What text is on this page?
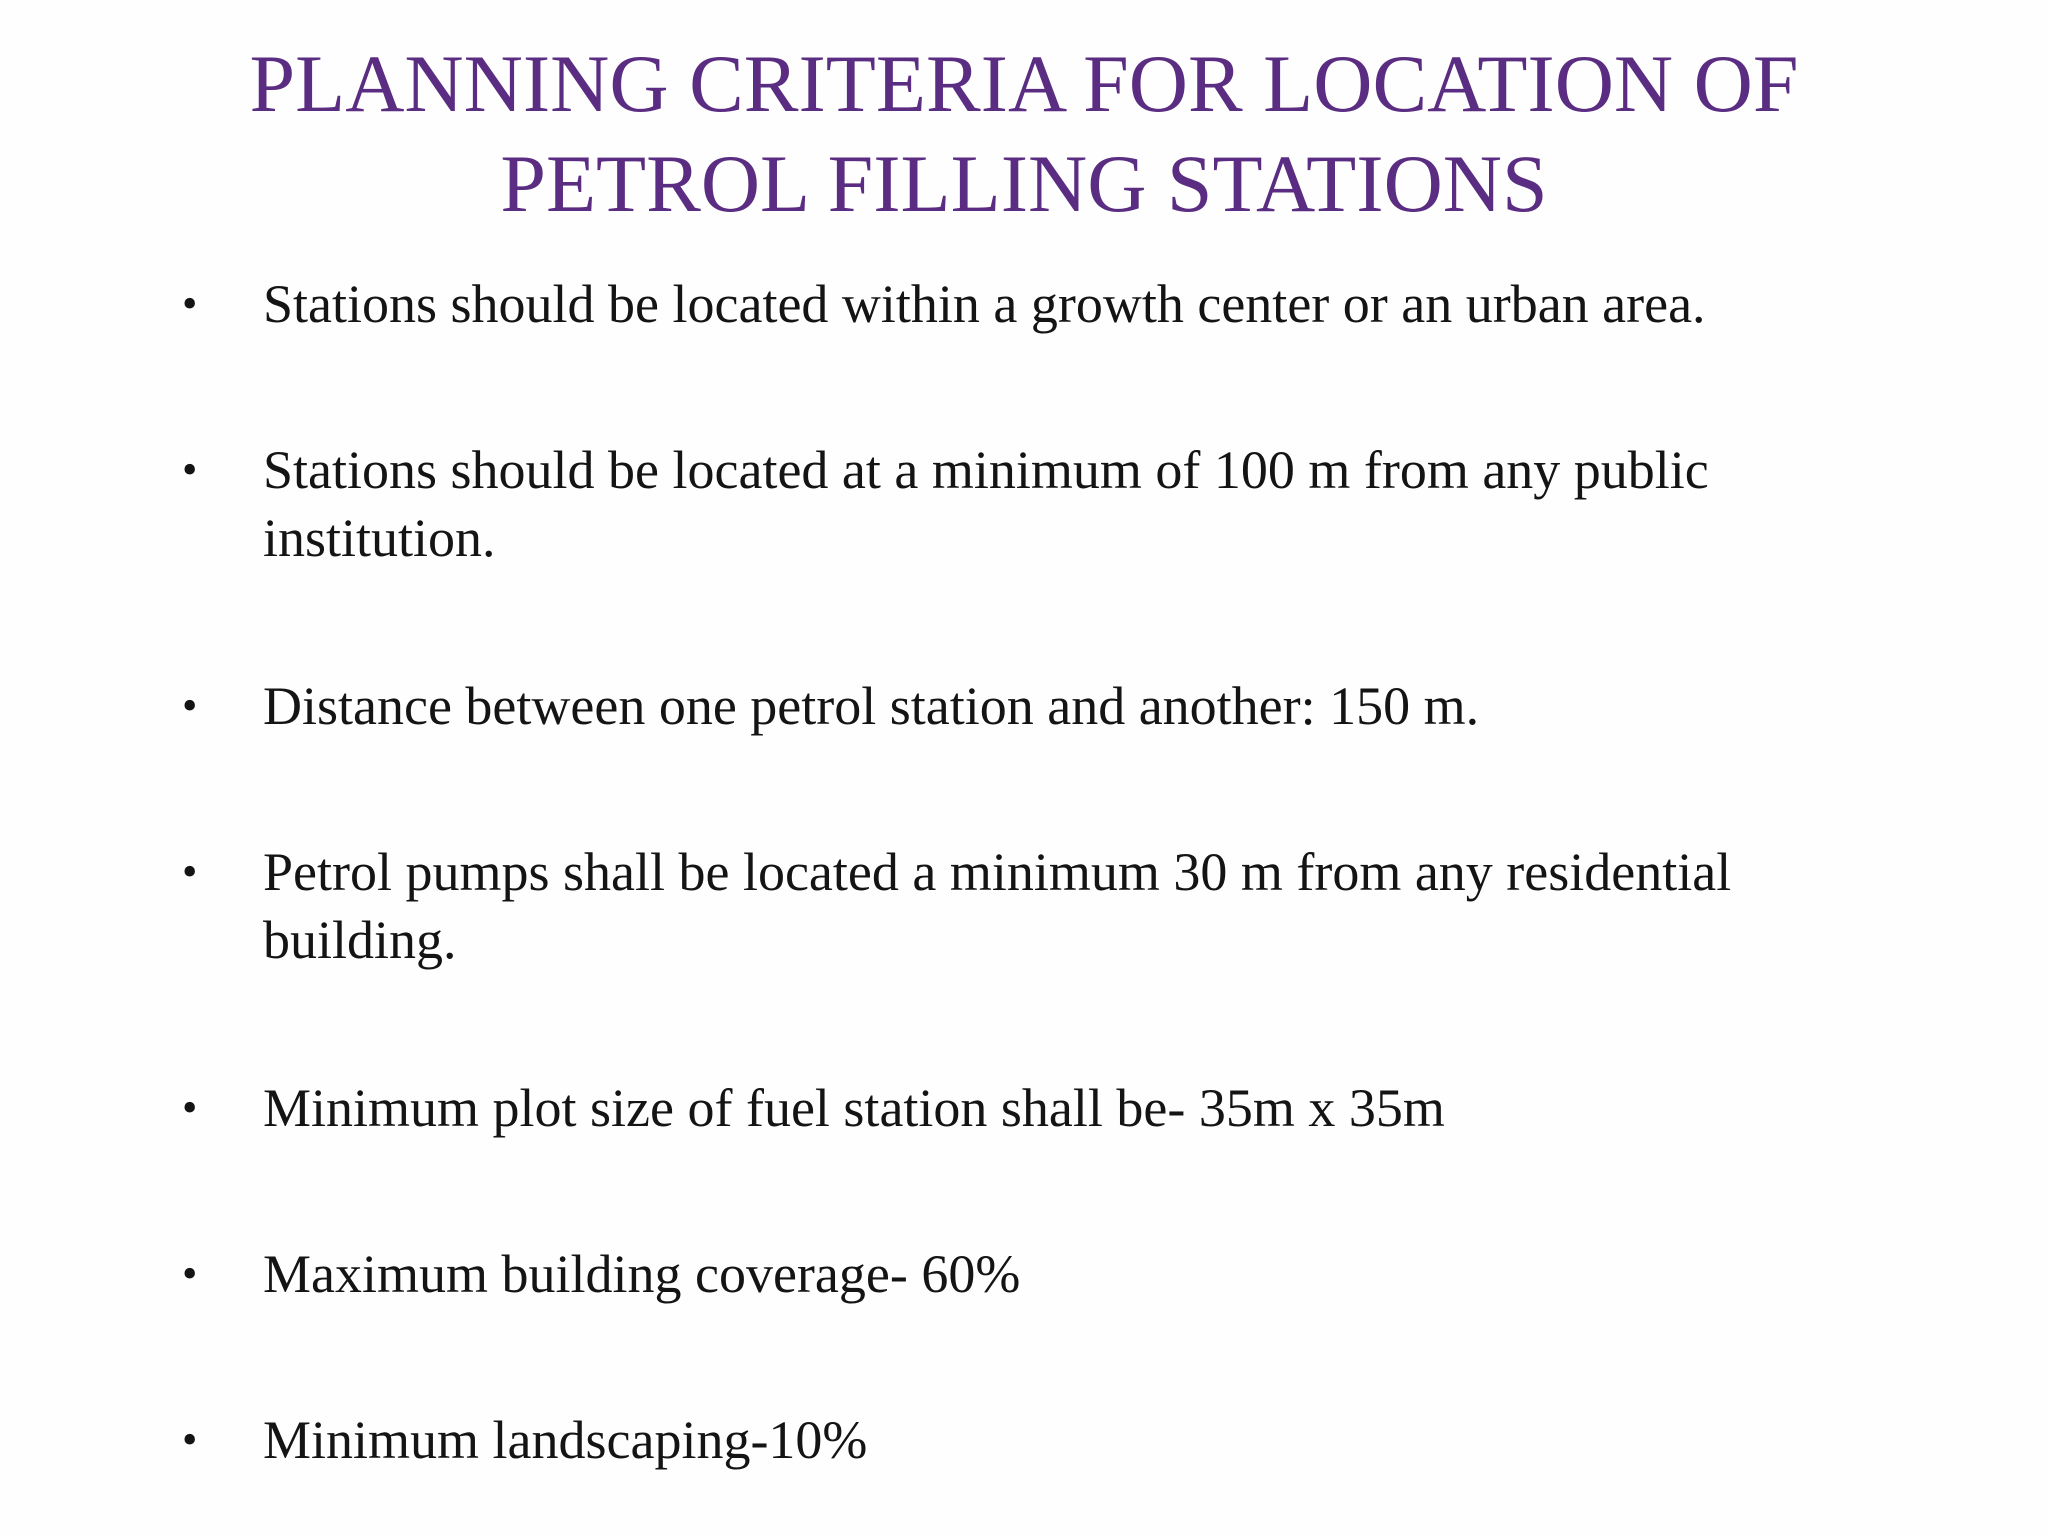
PLANNING CRITERIA FOR LOCATION OF
PETROL FILLING STATIONS
•	Stations should be located within a growth center or an urban area.
•	Stations should be located at a minimum of 100 m from any public
institution.
•	Distance between one petrol station and another: 150 m.
•	Petrol pumps shall be located a minimum 30 m from any residential
building.
•	Minimum plot size of fuel station shall be- 35m x 35m
•	Maximum building coverage- 60%
•	Minimum landscaping-10%
